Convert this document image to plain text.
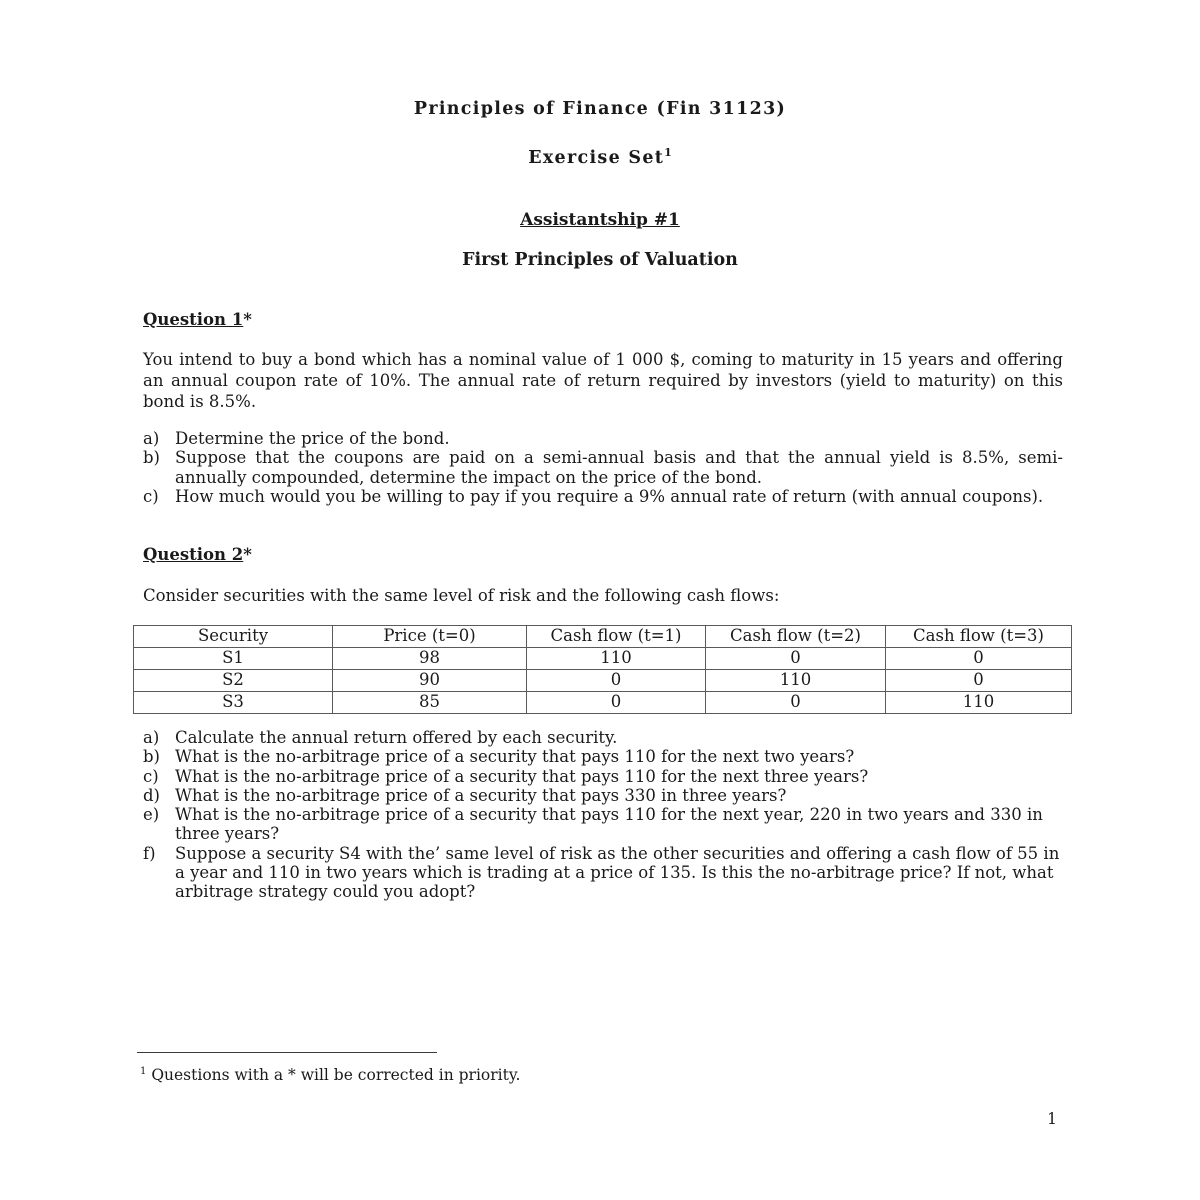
Principles of Finance (Fin 31123)
Exercise Set$^1$
Assistantship #1
First Principles of Valuation
Question 1*
You intend to buy a bond which has a nominal value of 1 000 $, coming to maturity in 15 years and offering an annual coupon rate of 10%. The annual rate of return required by investors (yield to maturity) on this bond is 8.5%.
a) Determine the price of the bond.
b) Suppose that the coupons are paid on a semi-annual basis and that the annual yield is 8.5%, semi-annually compounded, determine the impact on the price of the bond.
c) How much would you be willing to pay if you require a 9% annual rate of return (with annual coupons).
Question 2*
Consider securities with the same level of risk and the following cash flows:
Security	Price (t=0)	Cash flow (t=1)	Cash flow (t=2)	Cash flow (t=3)
S1	98	110	0	0
S2	90	0	110	0
S3	85	0	0	110
a) Calculate the annual return offered by each security.
b) What is the no-arbitrage price of a security that pays 110 for the next two years?
c) What is the no-arbitrage price of a security that pays 110 for the next three years?
d) What is the no-arbitrage price of a security that pays 330 in three years?
e) What is the no-arbitrage price of a security that pays 110 for the next year, 220 in two years and 330 in three years?
f)	Suppose a security S4 with the’ same level of risk as the other securities and offering a cash flow of 55 in a year and 110 in two years which is trading at a price of 135. Is this the no-arbitrage price? If not, what arbitrage strategy could you adopt?
$^1$ Questions with a * will be corrected in priority.
1
